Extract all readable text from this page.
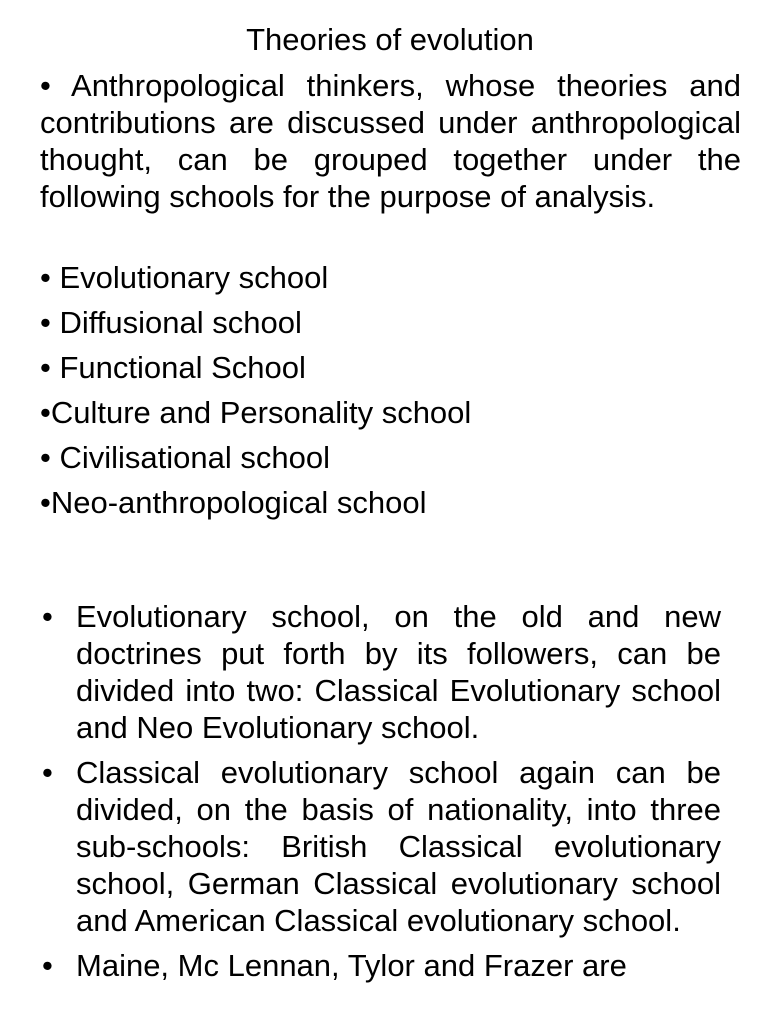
Theories of evolution

• Anthropological thinkers, whose theories and contributions are discussed under anthropological thought, can be grouped together under the following schools for the purpose of analysis.

• Evolutionary school
• Diffusional school
• Functional School
•Culture and Personality school
• Civilisational school
•Neo-anthropological school
• Evolutionary school, on the old and new doctrines put forth by its followers, can be divided into two: Classical Evolutionary school and Neo Evolutionary school.
• Classical evolutionary school again can be divided, on the basis of nationality, into three sub-schools: British Classical evolutionary school, German Classical evolutionary school and American Classical evolutionary school.
• Maine, Mc Lennan, Tylor and Frazer are
